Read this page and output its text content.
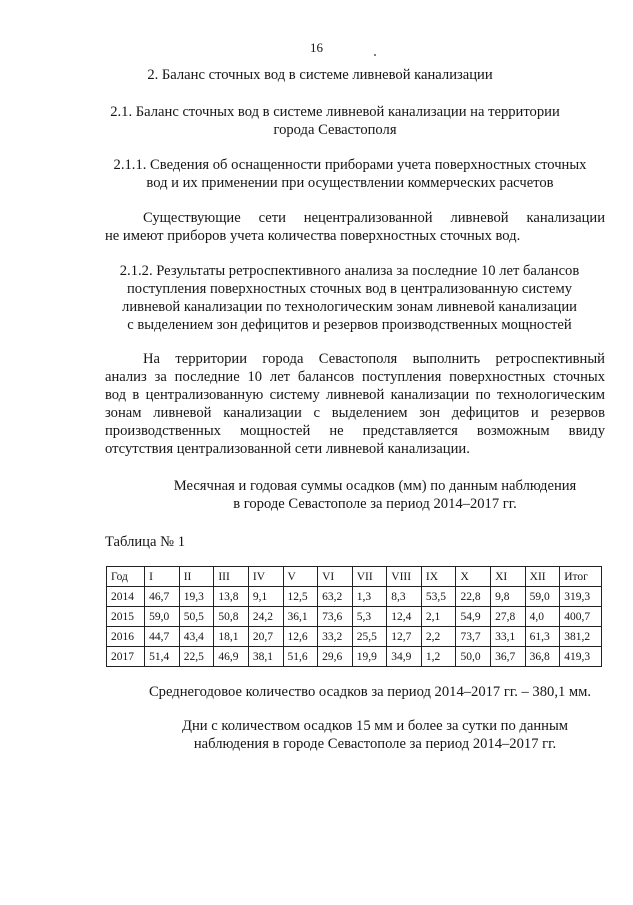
16
2. Баланс сточных вод в системе ливневой канализации
2.1. Баланс сточных вод в системе ливневой канализации на территории
города Севастополя
2.1.1. Сведения об оснащенности приборами учета поверхностных сточных
вод и их применении при осуществлении коммерческих расчетов
Существующие сети нецентрализованной ливневой канализации
не имеют приборов учета количества поверхностных сточных вод.
2.1.2. Результаты ретроспективного анализа за последние 10 лет балансов
поступления поверхностных сточных вод в централизованную систему
ливневой канализации по технологическим зонам ливневой канализации
с выделением зон дефицитов и резервов производственных мощностей
На территории города Севастополя выполнить ретроспективный
анализ за последние 10 лет балансов поступления поверхностных сточных
вод в централизованную систему ливневой канализации по технологическим
зонам ливневой канализации с выделением зон дефицитов и резервов
производственных мощностей не представляется возможным ввиду
отсутствия централизованной сети ливневой канализации.
Месячная и годовая суммы осадков (мм) по данным наблюдения
в городе Севастополе за период 2014–2017 гг.
Таблица № 1
Год	I	II	III	IV	V	VI	VII	VIII	IX	X	XI	XII	Итог
2014	46,7	19,3	13,8	9,1	12,5	63,2	1,3	8,3	53,5	22,8	9,8	59,0	319,3
2015	59,0	50,5	50,8	24,2	36,1	73,6	5,3	12,4	2,1	54,9	27,8	4,0	400,7
2016	44,7	43,4	18,1	20,7	12,6	33,2	25,5	12,7	2,2	73,7	33,1	61,3	381,2
2017	51,4	22,5	46,9	38,1	51,6	29,6	19,9	34,9	1,2	50,0	36,7	36,8	419,3
Среднегодовое количество осадков за период 2014–2017 гг. – 380,1 мм.
Дни с количеством осадков 15 мм и более за сутки по данным
наблюдения в городе Севастополе за период 2014–2017 гг.
